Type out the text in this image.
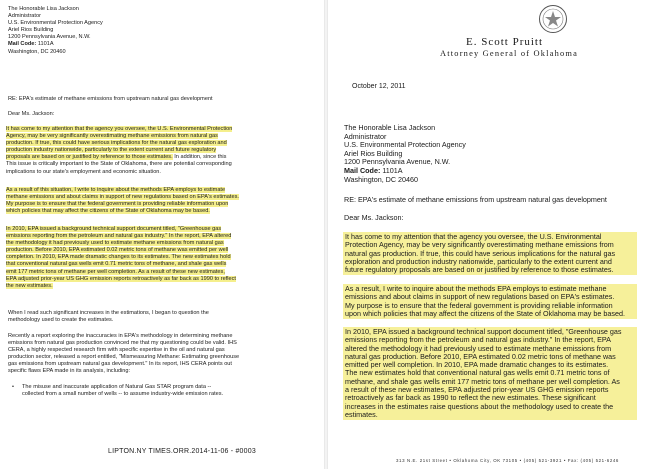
The Honorable Lisa Jackson
Administrator
U.S. Environmental Protection Agency
Ariel Rios Building
1200 Pennsylvania Avenue, N.W.
Mail Code: 1101A
Washington, DC 20460
RE: EPA's estimate of methane emissions from upstream natural gas development
Dear Ms. Jackson:
It has come to my attention that the agency you oversee, the U.S. Environmental Protection
Agency, may be very significantly overestimating methane emissions from natural gas
production. If true, this could have serious implications for the natural gas exploration and
production industry nationwide, particularly to the extent current and future regulatory
proposals are based on or justified by reference to those estimates. In addition, since this
This issue is critically important to the State of Oklahoma, there are potential corresponding
implications to our state's employment and economic situation.
As a result of this situation, I write to inquire about the methods EPA employs to estimate
methane emissions and about claims in support of new regulations based on EPA's estimates.
My purpose is to ensure that the federal government is providing reliable information upon
which policies that may affect the citizens of the State of Oklahoma may be based.
In 2010, EPA issued a background technical support document titled, "Greenhouse gas
emissions reporting from the petroleum and natural gas industry." In the report, EPA altered
the methodology it had previously used to estimate methane emissions from natural gas
production. Before 2010, EPA estimated 0.02 metric tons of methane was emitted per well
completion. In 2010, EPA made dramatic changes to its estimates. The new estimates hold
that conventional natural gas wells emit 0.71 metric tons of methane, and shale gas wells
emit 177 metric tons of methane per well completion. As a result of these new estimates,
EPA adjusted prior-year US GHG emission reports retroactively as far back as 1990 to reflect
the new estimates.
When I read such significant increases in the estimations, I began to question the
methodology used to create the estimates.
Recently a report exploring the inaccuracies in EPA's methodology in determining methane
emissions from natural gas production convinced me that my questioning could be valid. IHS
CERA, a highly respected research firm with specific expertise in the oil and natural gas
production sector, released a report entitled, "Mismeasuring Methane: Estimating greenhouse
gas emissions from upstream natural gas development." In its report, IHS CERA points out
specific flaws EPA made in its analysis, including:
• The misuse and inaccurate application of Natural Gas STAR program data --
collected from a small number of wells -- to assume industry-wide emission rates.
LIPTON.NY TIMES.ORR.2014-11-06 - #0003
E. Scott Pruitt
Attorney General of Oklahoma
October 12, 2011
The Honorable Lisa Jackson
Administrator
U.S. Environmental Protection Agency
Ariel Rios Building
1200 Pennsylvania Avenue, N.W.
Mail Code: 1101A
Washington, DC 20460
RE: EPA's estimate of methane emissions from upstream natural gas development
Dear Ms. Jackson:
It has come to my attention that the agency you oversee, the U.S. Environmental
Protection Agency, may be very significantly overestimating methane emissions from
natural gas production. If true, this could have serious implications for the natural gas
exploration and production industry nationwide, particularly to the extent current and
future regulatory proposals are based on or justified by reference to those estimates.
As a result, I write to inquire about the methods EPA employs to estimate methane
emissions and about claims in support of new regulations based on EPA's estimates.
My purpose is to ensure that the federal government is providing reliable information
upon which policies that may affect the citizens of the State of Oklahoma may be based.
In 2010, EPA issued a background technical support document titled, "Greenhouse gas
emissions reporting from the petroleum and natural gas industry." In the report, EPA
altered the methodology it had previously used to estimate methane emissions from
natural gas production. Before 2010, EPA estimated 0.02 metric tons of methane was
emitted per well completion. In 2010, EPA made dramatic changes to its estimates.
The new estimates hold that conventional natural gas wells emit 0.71 metric tons of
methane, and shale gas wells emit 177 metric tons of methane per well completion. As
a result of these new estimates, EPA adjusted prior-year US GHG emission reports
retroactively as far back as 1990 to reflect the new estimates. These significant
increases in the estimates raise questions about the methodology used to create the
estimates.
313 N.E. 21st Street • Oklahoma City, OK 73105 • (405) 521-3921 • Fax: (405) 521-6246
